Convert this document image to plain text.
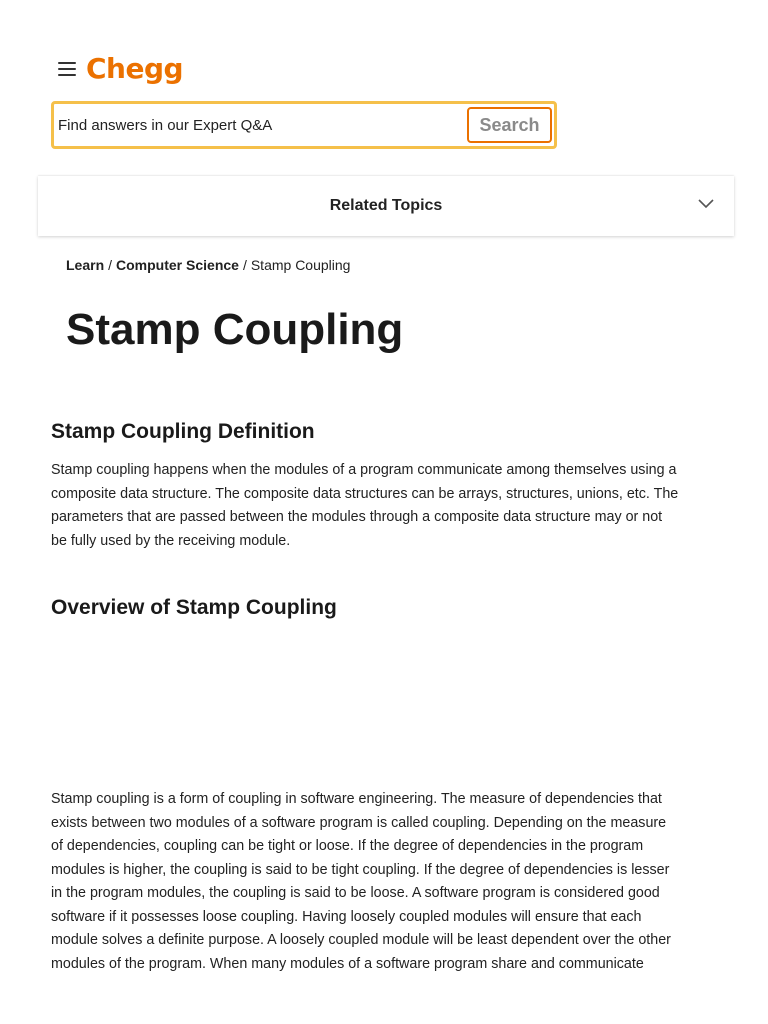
Chegg
Find answers in our Expert Q&A
Search
Related Topics
Learn / Computer Science / Stamp Coupling
Stamp Coupling
Stamp Coupling Definition

Stamp coupling happens when the modules of a program communicate among themselves using a
composite data structure. The composite data structures can be arrays, structures, unions, etc. The
parameters that are passed between the modules through a composite data structure may or not
be fully used by the receiving module.

Overview of Stamp Coupling

Stamp coupling is a form of coupling in software engineering. The measure of dependencies that
exists between two modules of a software program is called coupling. Depending on the measure
of dependencies, coupling can be tight or loose. If the degree of dependencies in the program
modules is higher, the coupling is said to be tight coupling. If the degree of dependencies is lesser
in the program modules, the coupling is said to be loose. A software program is considered good
software if it possesses loose coupling. Having loosely coupled modules will ensure that each
module solves a definite purpose. A loosely coupled module will be least dependent over the other
modules of the program. When many modules of a software program share and communicate
